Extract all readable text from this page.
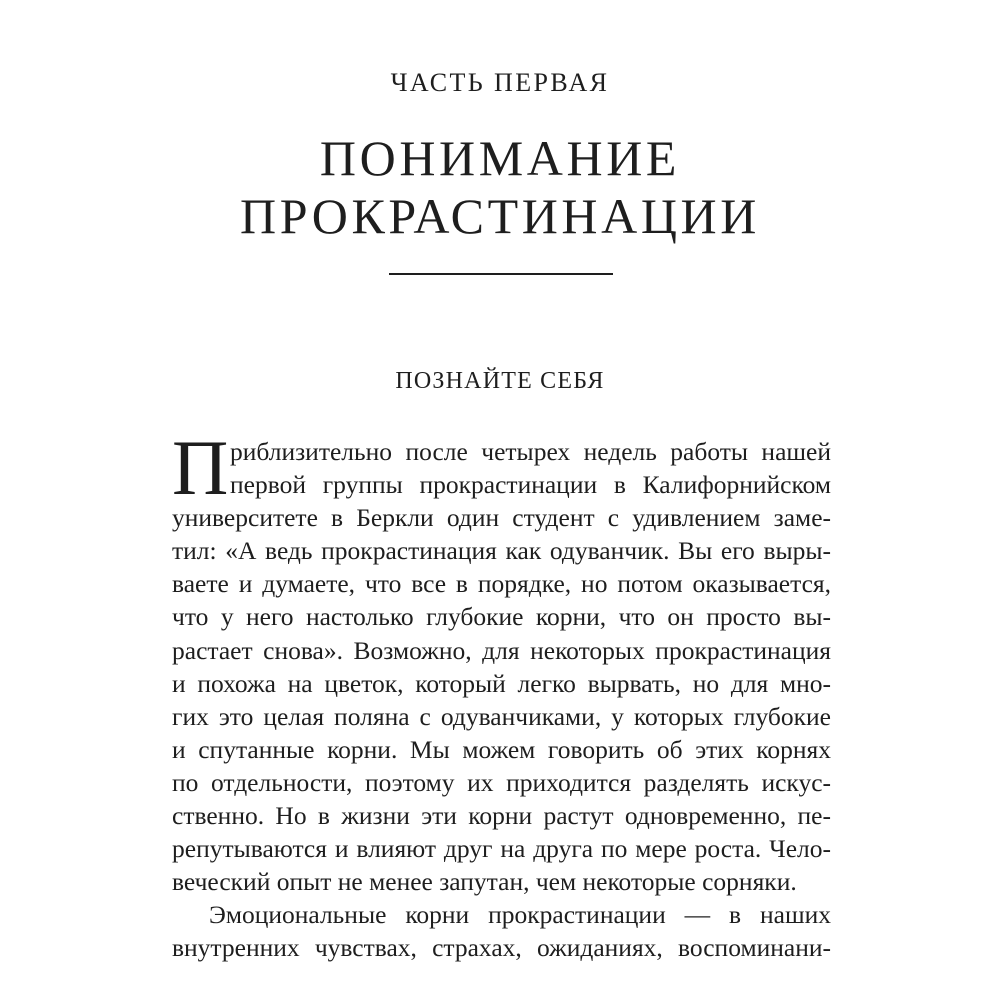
ЧАСТЬ ПЕРВАЯ
ПОНИМАНИЕ
ПРОКРАСТИНАЦИИ
ПОЗНАЙТЕ СЕБЯ
П риблизительно после четырех недель работы нашей
первой группы прокрастинации в Калифорнийском
университете в Беркли один студент с удивлением заме-
тил: «А ведь прокрастинация как одуванчик. Вы его выры-
ваете и думаете, что все в порядке, но потом оказывается,
что у него настолько глубокие корни, что он просто вы-
растает снова». Возможно, для некоторых прокрастинация
и похожа на цветок, который легко вырвать, но для мно-
гих это целая поляна с одуванчиками, у которых глубокие
и спутанные корни. Мы можем говорить об этих корнях
по отдельности, поэтому их приходится разделять искус-
ственно. Но в жизни эти корни растут одновременно, пе-
репутываются и влияют друг на друга по мере роста. Чело-
веческий опыт не менее запутан, чем некоторые сорняки.

Эмоциональные корни прокрастинации — в наших
внутренних чувствах, страхах, ожиданиях, воспоминани-
